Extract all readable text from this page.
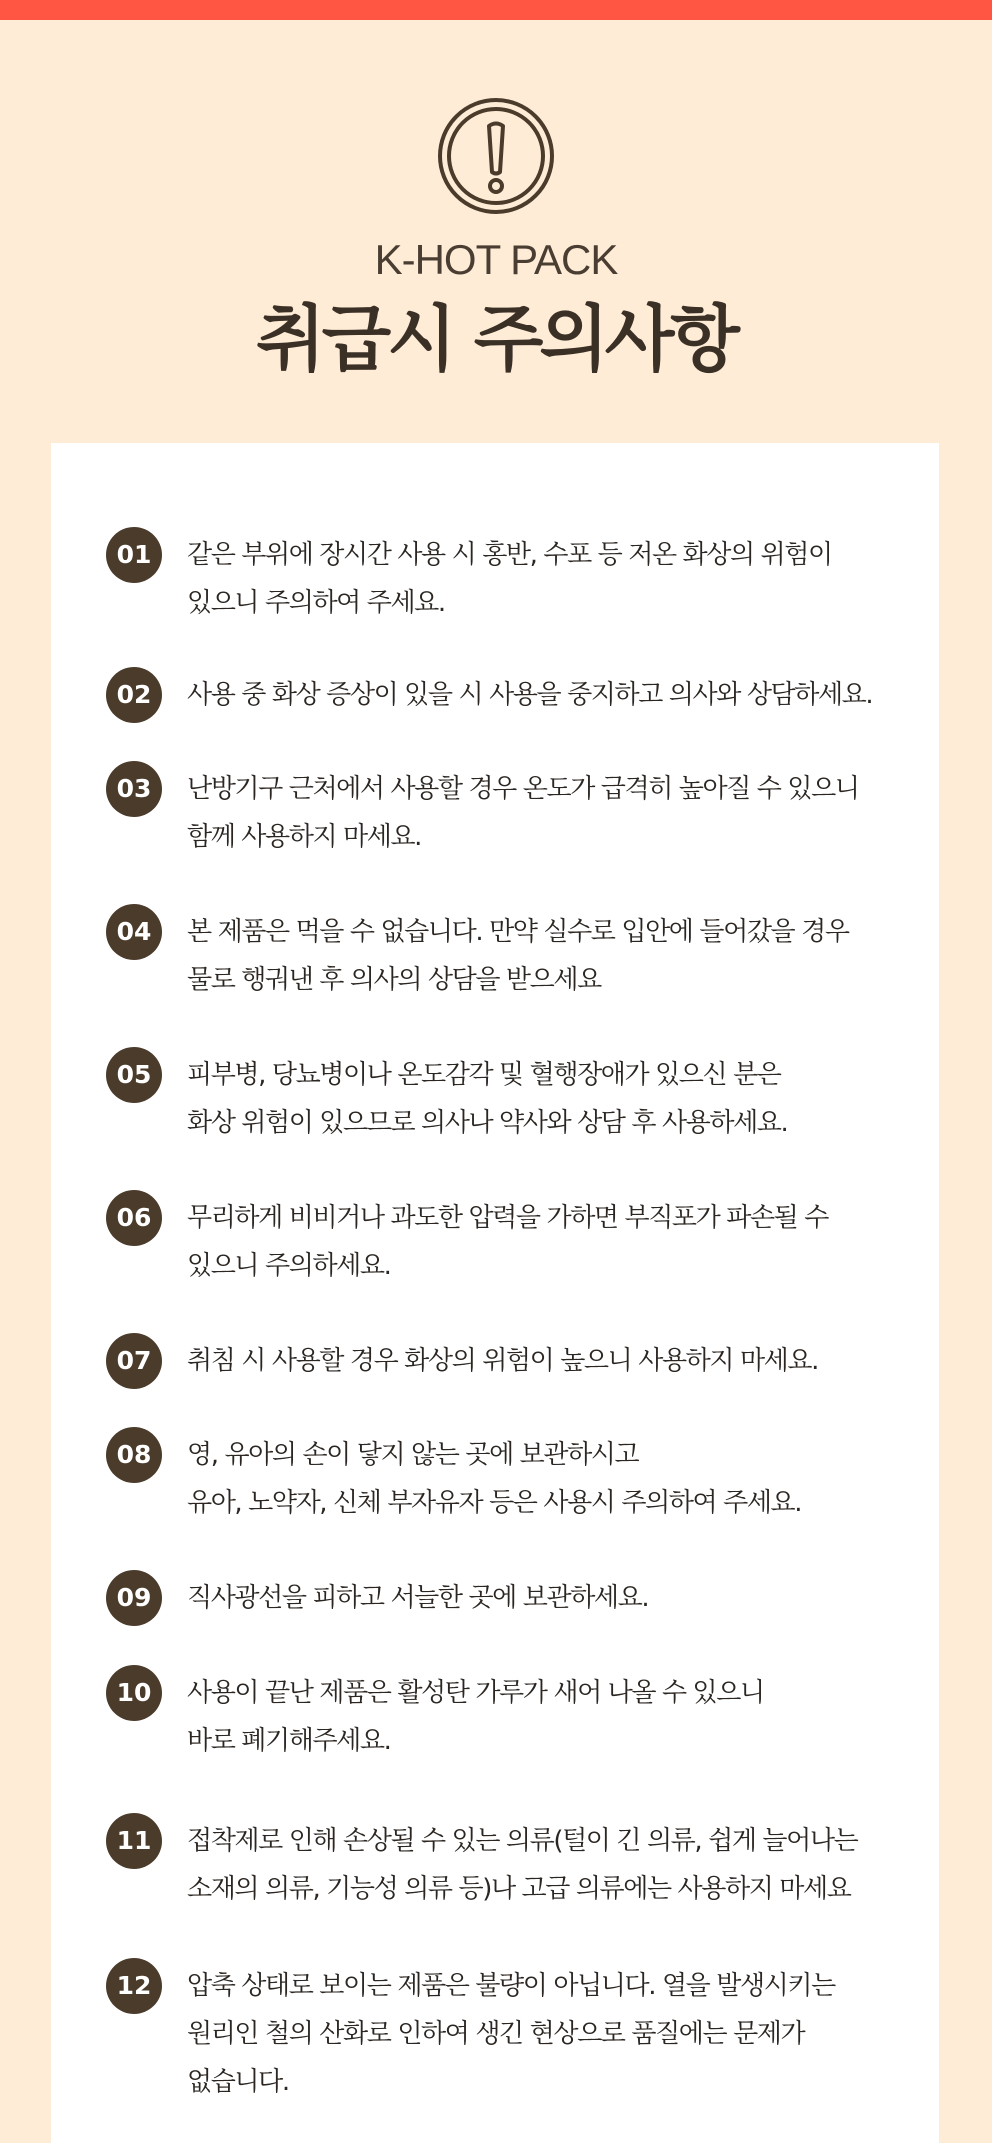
K-HOT PACK
취급시 주의사항
01	같은 부위에 장시간 사용 시 홍반, 수포 등 저온 화상의 위험이
있으니 주의하여 주세요.
02	사용 중 화상 증상이 있을 시 사용을 중지하고 의사와 상담하세요.
03	난방기구 근처에서 사용할 경우 온도가 급격히 높아질 수 있으니
함께 사용하지 마세요.
04	본 제품은 먹을 수 없습니다. 만약 실수로 입안에 들어갔을 경우
물로 행궈낸 후 의사의 상담을 받으세요
05	피부병, 당뇨병이나 온도감각 및 혈행장애가 있으신 분은
화상 위험이 있으므로 의사나 약사와 상담 후 사용하세요.
06	무리하게 비비거나 과도한 압력을 가하면 부직포가 파손될 수
있으니 주의하세요.
07	취침 시 사용할 경우 화상의 위험이 높으니 사용하지 마세요.
08	영, 유아의 손이 닿지 않는 곳에 보관하시고
유아, 노약자, 신체 부자유자 등은 사용시 주의하여 주세요.
09	직사광선을 피하고 서늘한 곳에 보관하세요.
10	사용이 끝난 제품은 활성탄 가루가 새어 나올 수 있으니
바로 폐기해주세요.
11	접착제로 인해 손상될 수 있는 의류(털이 긴 의류, 쉽게 늘어나는
소재의 의류, 기능성 의류 등)나 고급 의류에는 사용하지 마세요
12	압축 상태로 보이는 제품은 불량이 아닙니다. 열을 발생시키는
원리인 철의 산화로 인하여 생긴 현상으로 품질에는 문제가
없습니다.
